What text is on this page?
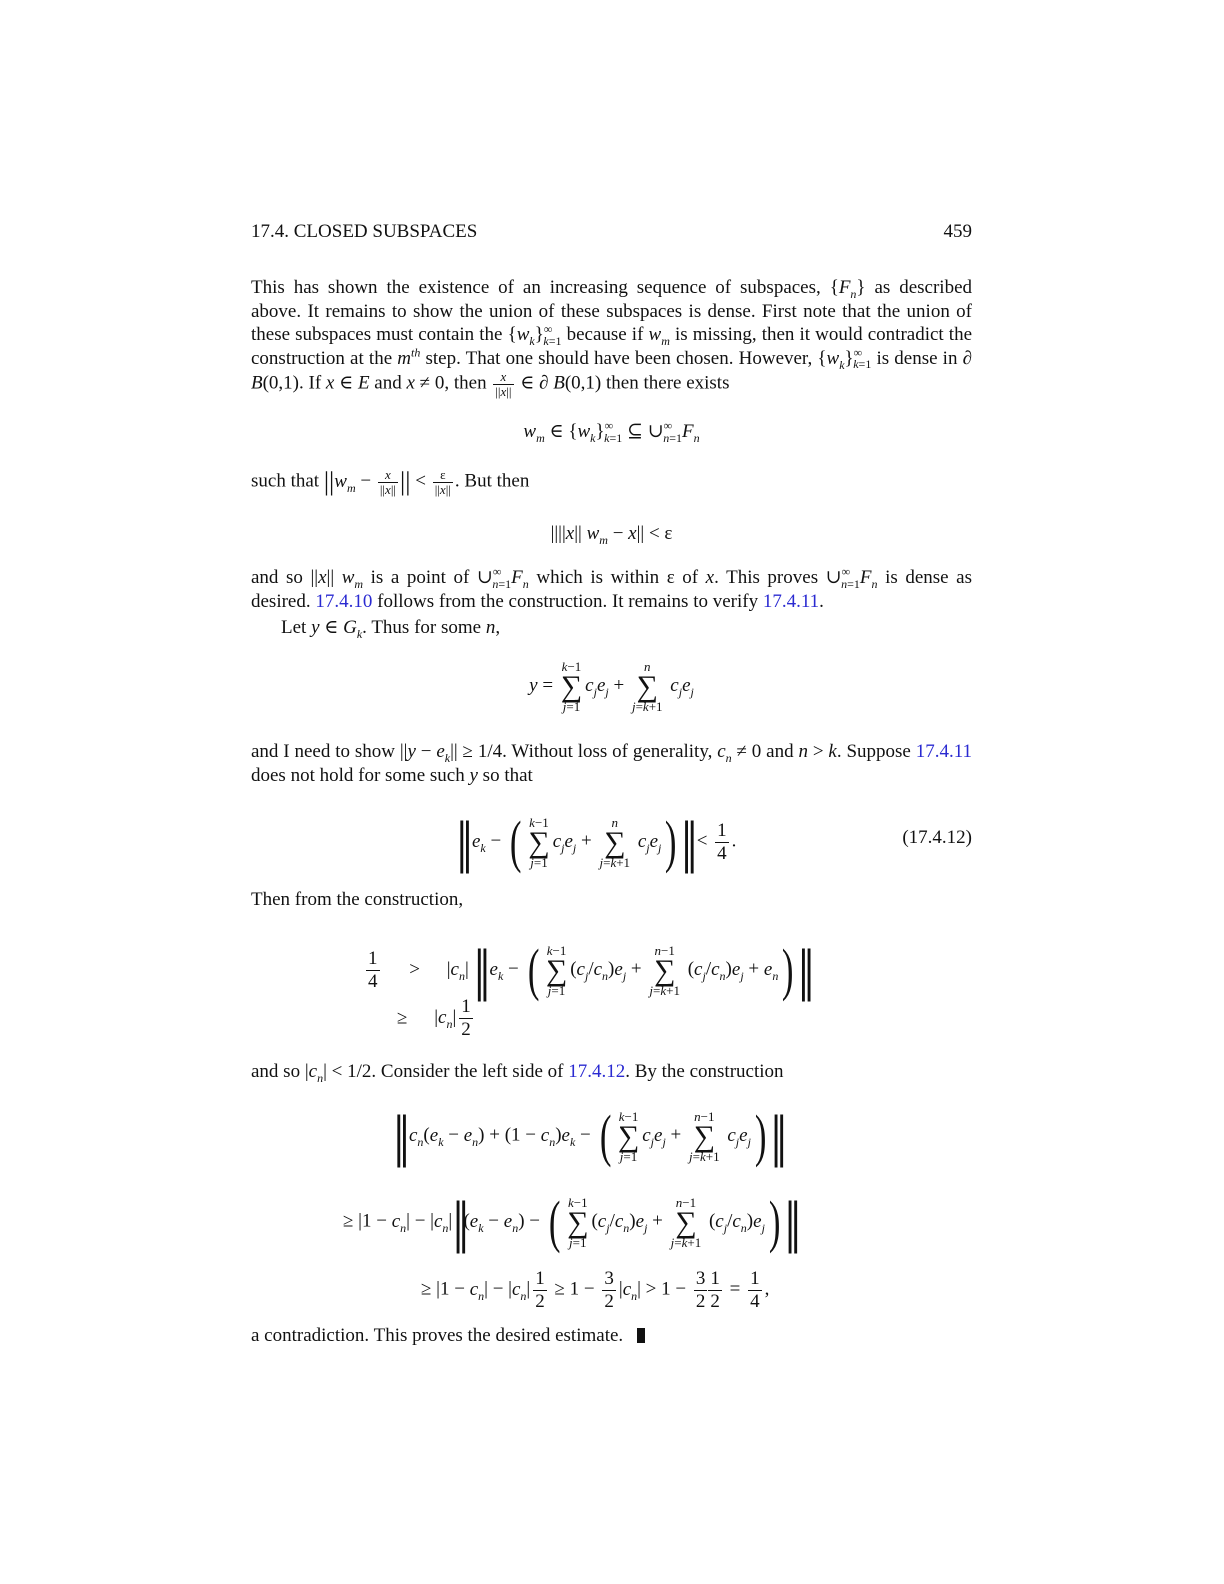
17.4. CLOSED SUBSPACES	459

This has shown the existence of an increasing sequence of subspaces, $\{F_n\}$ as described above. It remains to show the union of these subspaces is dense. First note that the union of these subspaces must contain the $\{w_k\}^\infty_{k=1}$ because if $w_m$ is missing, then it would contradict the construction at the $m^{th}$ step. That one should have been chosen. However, $\{w_k\}^\infty_{k=1}$ is dense in ∂ B(0,1). If x ∈ E and x ≠ 0, then $\frac{x}{||x||}$ ∈ ∂ B(0,1) then there exists

$w_m$ ∈ $\{w_k\}^\infty_{k=1}$ ⊆ $\cup^\infty_{n=1}F_n$
such that $||w_m - \frac{x}{||x||}$ || < $\frac{\varepsilon}{||x||}$ . But then
||||x|| $w_m - x|| < \varepsilon$

and so ||x|| $w_m$ is a point of $\cup^\infty_{n=1}F_n$ which is within ε of x. This proves $\cup^\infty_{n=1}F_n$ is dense as desired. 17.4.10 follows from the construction. It remains to verify 17.4.11.

Let y ∈ $G_k$. Thus for some n,

y =
k−1
∑
j=1
$c_je_j$ +
n
∑
j=k+1
$c_je_j$

and I need to show $||y - e_k|| \ge 1/4$. Without loss of generality, $c_n \ne 0$ and n > k. Suppose 17.4.11 does not hold for some such y so that

|| $e_k$ − ( k−1
∑
j=1
$c_je_j$ +
n
∑
j=k+1
$c_je_j)|| < \frac{1}{4}$ .	(17.4.12)

Then from the construction,

$\frac{1}{4} > |c_n|$ || $e_k$ − ( k−1
∑
j=1
$(c_j/c_n)e_j$ +
n−1
∑
j=k+1
$(c_j/c_n)e_j + e_n)||$
≥ $|c_n| \frac{1}{2}$

and so $|c_n| < 1/2$. Consider the left side of 17.4.12. By the construction

|| $c_n(e_k - e_n) + (1 - c_n)e_k$ − ( k−1
∑
j=1
$c_je_j$ +
n−1
∑
j=k+1
$c_je_j)||$
≥ $|1 - c_n| - |c_n|||(e_k - e_n)$ − ( k−1
∑
j=1
$(c_j/c_n)e_j$ +
n−1
∑
j=k+1
$(c_j/c_n)e_j)||$
≥ $|1 - c_n| - |c_n| \frac{1}{2} \ge 1 - \frac{3}{2} |c_n| > 1 - \frac{3}{2} \frac{1}{2} = \frac{1}{4}$ ,

a contradiction. This proves the desired estimate.
